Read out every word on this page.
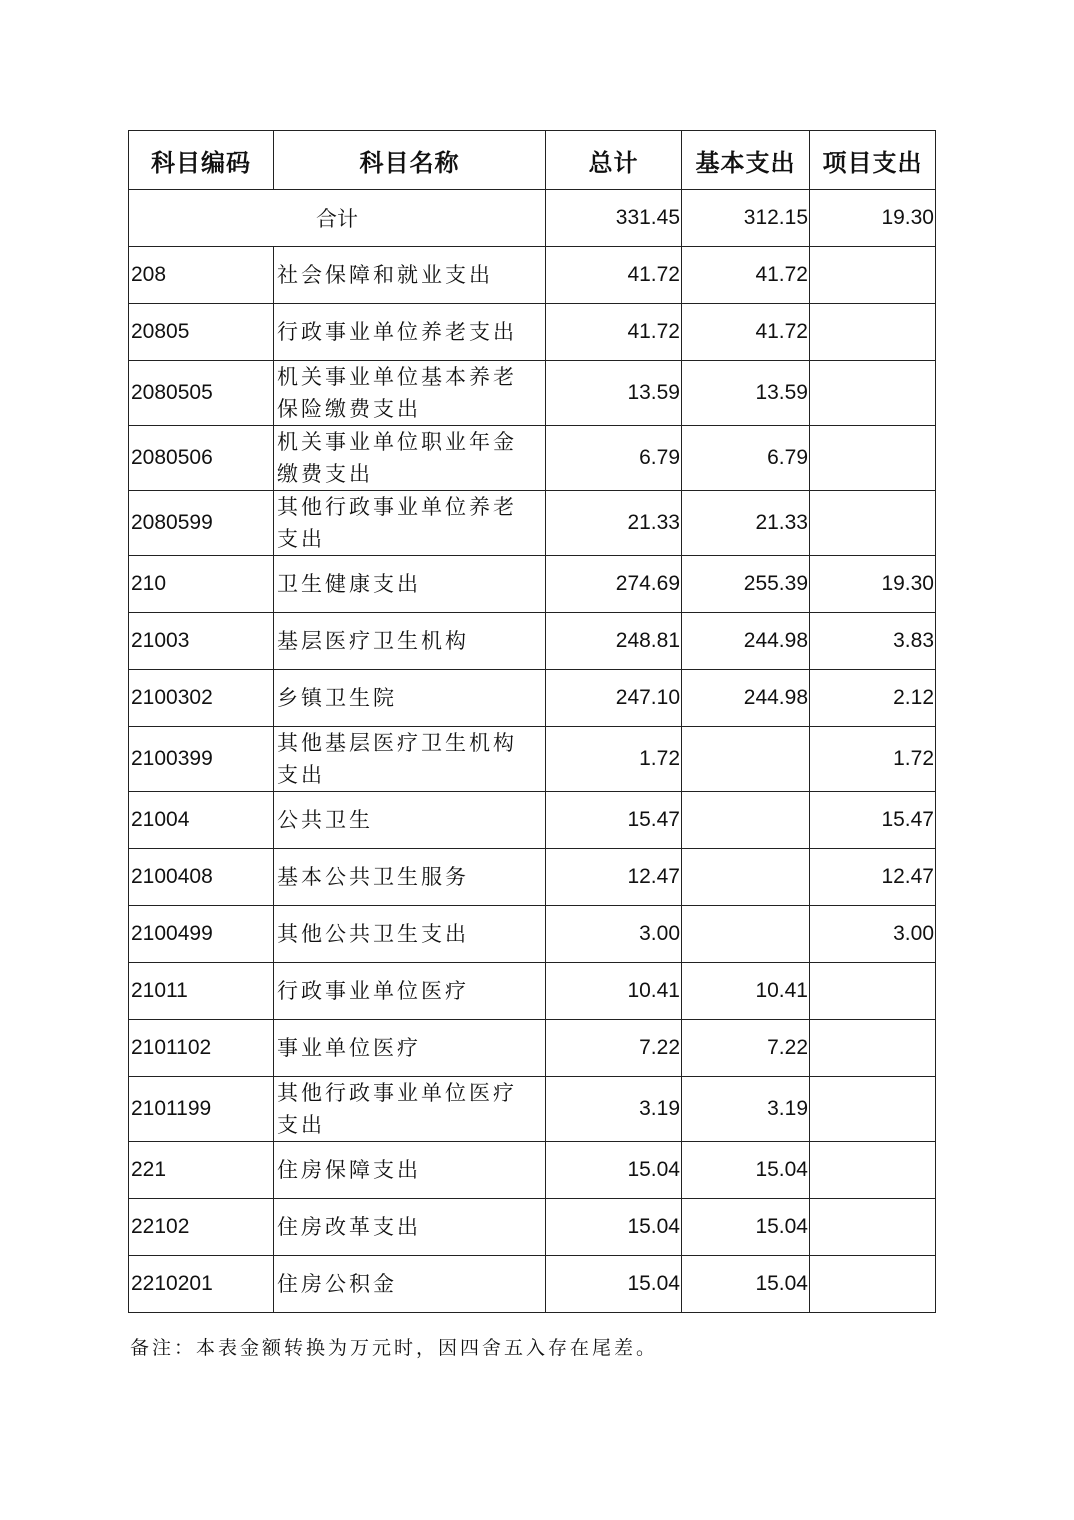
科目编码	科目名称	总计	基本支出	项目支出
合计		331.45	312.15	19.30
208	社会保障和就业支出	41.72	41.72	
20805	行政事业单位养老支出	41.72	41.72	
2080505	机关事业单位基本养老保险缴费支出	13.59	13.59	
2080506	机关事业单位职业年金缴费支出	6.79	6.79	
2080599	其他行政事业单位养老支出	21.33	21.33	
210	卫生健康支出	274.69	255.39	19.30
21003	基层医疗卫生机构	248.81	244.98	3.83
2100302	乡镇卫生院	247.10	244.98	2.12
2100399	其他基层医疗卫生机构支出	1.72		1.72
21004	公共卫生	15.47		15.47
2100408	基本公共卫生服务	12.47		12.47
2100499	其他公共卫生支出	3.00		3.00
21011	行政事业单位医疗	10.41	10.41	
2101102	事业单位医疗	7.22	7.22	
2101199	其他行政事业单位医疗支出	3.19	3.19	
221	住房保障支出	15.04	15.04	
22102	住房改革支出	15.04	15.04	
2210201	住房公积金	15.04	15.04	
备注：本表金额转换为万元时，因四舍五入存在尾差。
